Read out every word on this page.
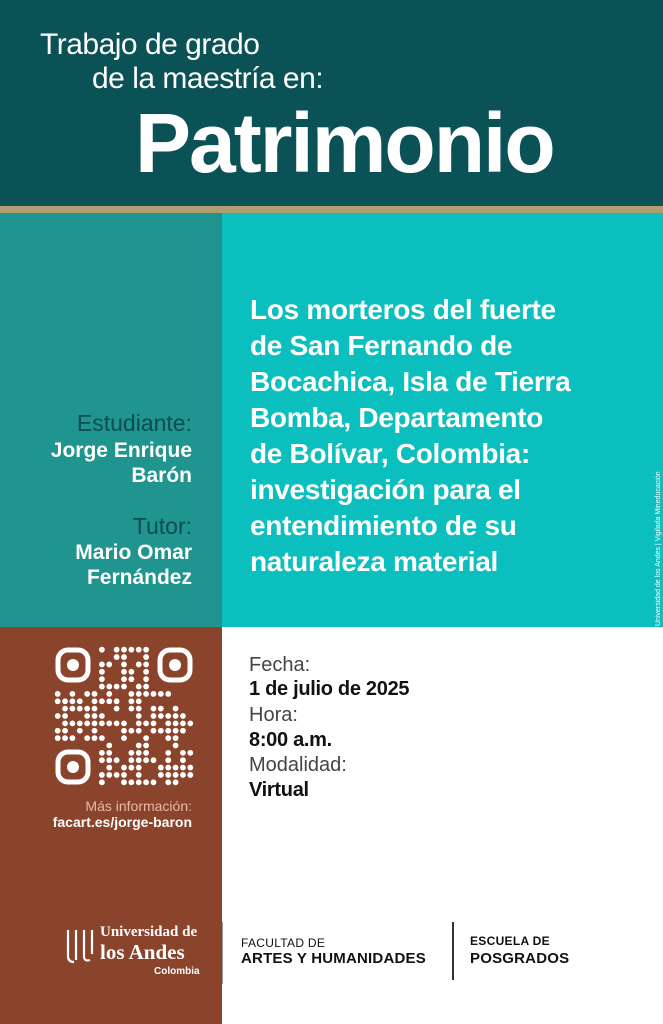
Trabajo de grado
de la maestría en:
Patrimonio
Estudiante:
Jorge Enrique
Barón
Tutor:
Mario Omar
Fernández
Los morteros del fuerte
de San Fernando de
Bocachica, Isla de Tierra
Bomba, Departamento
de Bolívar, Colombia:
investigación para el
entendimiento de su
naturaleza material	Universidad de los Andes | Vigilada Mineducación
Más información:
facart.es/jorge-baron
Fecha:
1 de julio de 2025
Hora:
8:00 a.m.
Modalidad:
Virtual
Universidad de
los Andes
Colombia
FACULTAD DE
ARTES Y HUMANIDADES
ESCUELA DE
POSGRADOS
